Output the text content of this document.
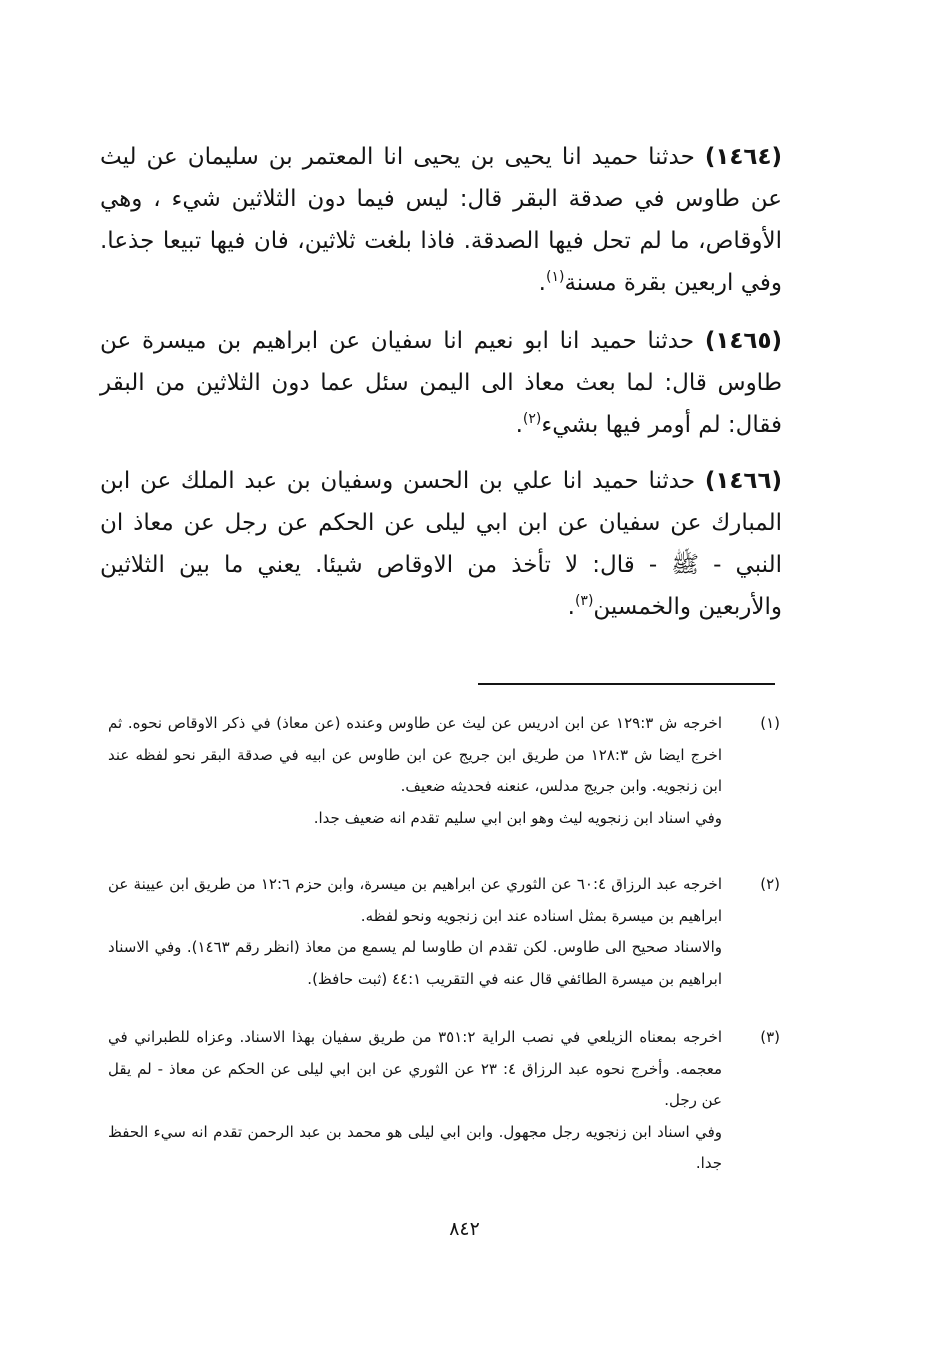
(١٤٦٤) حدثنا حميد انا يحيى بن يحيى انا المعتمر بن سليمان عن ليث عن طاوس في صدقة البقر قال: ليس فيما دون الثلاثين شيء ، وهي الأوقاص، ما لم تحل فيها الصدقة. فاذا بلغت ثلاثين، فان فيها تبيعا جذعا. وفي اربعين بقرة مسنة$^{(١)}$.
(١٤٦٥) حدثنا حميد انا ابو نعيم انا سفيان عن ابراهيم بن ميسرة عن طاوس قال: لما بعث معاذ الى اليمن سئل عما دون الثلاثين من البقر فقال: لم أومر فيها بشيء$^{(٢)}$.
(١٤٦٦) حدثنا حميد انا علي بن الحسن وسفيان بن عبد الملك عن ابن المبارك عن سفيان عن ابن ابي ليلى عن الحكم عن رجل عن معاذ ان النبي - ﷺ - قال: لا تأخذ من الاوقاص شيئا. يعني ما بين الثلاثين والأربعين والخمسين$^{(٣)}$.
(١)

اخرجه ش ١٢٩:٣ عن ابن ادريس عن ليث عن طاوس وعنده (عن معاذ) في ذكر الاوقاص نحوه. ثم اخرج ايضا ش ١٢٨:٣ من طريق ابن جريج عن ابن طاوس عن ابيه في صدقة البقر نحو لفظه عند ابن زنجويه. وابن جريج مدلس، عنعنه فحديثه ضعيف.

وفي اسناد ابن زنجويه ليث وهو ابن ابي سليم تقدم انه ضعيف جدا.

(٢)

اخرجه عبد الرزاق ٦٠:٤ عن الثوري عن ابراهيم بن ميسرة، وابن حزم ١٢:٦ من طريق ابن عيينة عن ابراهيم بن ميسرة بمثل اسناده عند ابن زنجويه ونحو لفظه.

والاسناد صحيح الى طاوس. لكن تقدم ان طاوسا لم يسمع من معاذ (انظر رقم ١٤٦٣). وفي الاسناد ابراهيم بن ميسرة الطائفي قال عنه في التقريب ٤٤:١ (ثبت حافظ).

(٣)

اخرجه بمعناه الزيلعي في نصب الراية ٣٥١:٢ من طريق سفيان بهذا الاسناد. وعزاه للطبراني في معجمه. وأخرج نحوه عبد الرزاق ٤: ٢٣ عن الثوري عن ابن ابي ليلى عن الحكم عن معاذ - لم يقل عن رجل.

وفي اسناد ابن زنجويه رجل مجهول. وابن ابي ليلى هو محمد بن عبد الرحمن تقدم انه سيء الحفظ جدا.

٨٤٢
